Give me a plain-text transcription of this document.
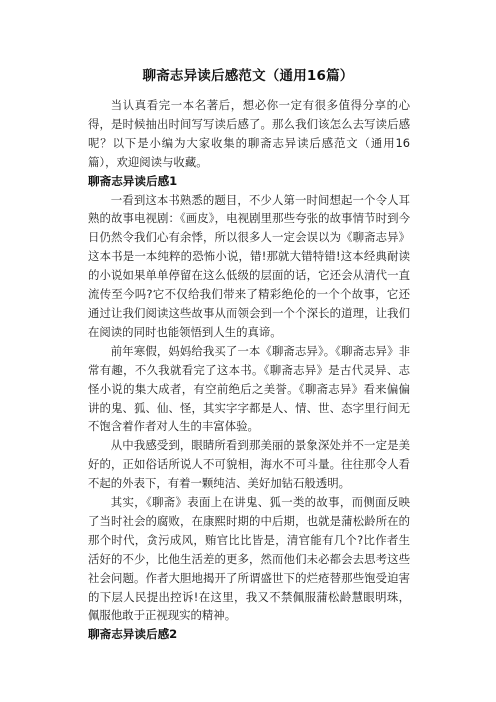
聊斋志异读后感范文（通用16篇）

当认真看完一本名著后，想必你一定有很多值得分享的心得，是时候抽出时间写写读后感了。那么我们该怎么去写读后感呢？以下是小编为大家收集的聊斋志异读后感范文（通用16篇），欢迎阅读与收藏。

聊斋志异读后感1

一看到这本书熟悉的题目，不少人第一时间想起一个令人耳熟的故事电视剧：《画皮》，电视剧里那些夸张的故事情节时到今日仍然令我们心有余悸，所以很多人一定会误以为《聊斋志异》这本书是一本纯粹的恐怖小说，错!那就大错特错!这本经典耐读的小说如果单单停留在这么低级的层面的话，它还会从清代一直流传至今吗?它不仅给我们带来了精彩绝伦的一个个故事，它还通过让我们阅读这些故事从而领会到一个个深长的道理，让我们在阅读的同时也能领悟到人生的真谛。

前年寒假，妈妈给我买了一本《聊斋志异》。《聊斋志异》非常有趣，不久我就看完了这本书。《聊斋志异》是古代灵异、志怪小说的集大成者，有空前绝后之美誉。《聊斋志异》看来偏偏讲的鬼、狐、仙、怪，其实字字都是人、情、世、态字里行间无不饱含着作者对人生的丰富体验。

从中我感受到，眼睛所看到那美丽的景象深处并不一定是美好的，正如俗话所说人不可貌相，海水不可斗量。往往那令人看不起的外表下，有着一颗纯洁、美好加钻石般透明。

其实，《聊斋》表面上在讲鬼、狐一类的故事，而侧面反映了当时社会的腐败，在康熙时期的中后期，也就是蒲松龄所在的那个时代，贪污成风，贿官比比皆是，清官能有几个?比作者生活好的不少，比他生活差的更多，然而他们未必都会去思考这些社会问题。作者大胆地揭开了所谓盛世下的烂疮替那些饱受迫害的下层人民提出控诉!在这里，我又不禁佩服蒲松龄慧眼明珠，佩服他敢于正视现实的精神。

聊斋志异读后感2
